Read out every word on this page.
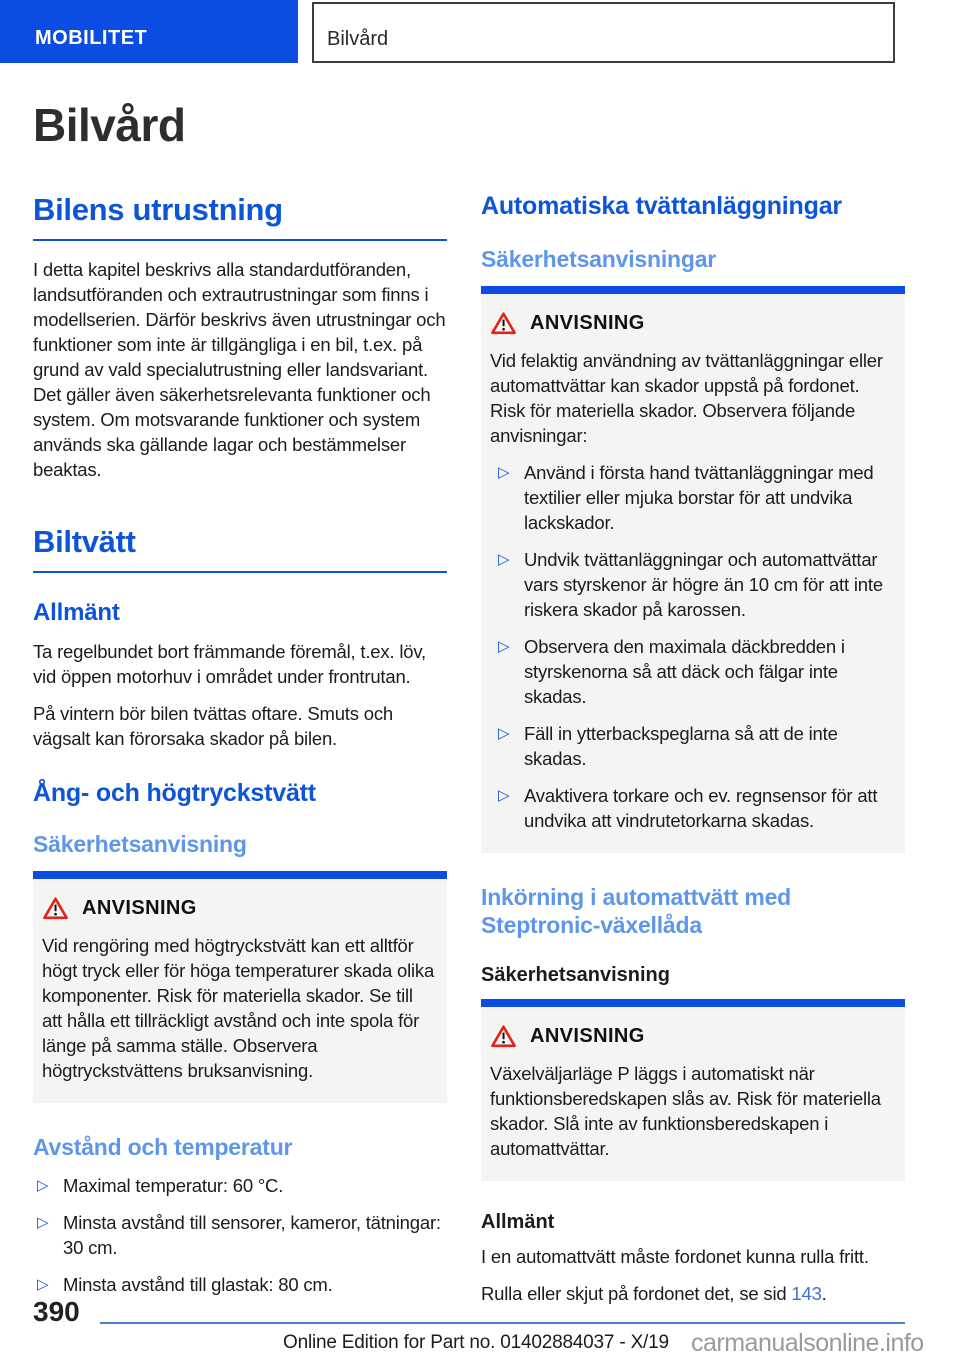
MOBILITET	Bilvård
Bilvård
Bilens utrustning

I detta kapitel beskrivs alla standardutföranden, landsutföranden och extrautrustningar som finns i modellserien. Därför beskrivs även utrustningar och funktioner som inte är tillgängliga i en bil, t.ex. på grund av vald specialutrustning eller landsvariant. Det gäller även säkerhetsrelevanta funktioner och system. Om motsvarande funktioner och system används ska gällande lagar och bestämmelser beaktas.

Biltvätt
Allmänt

Ta regelbundet bort främmande föremål, t.ex. löv, vid öppen motorhuv i området under frontrutan.

På vintern bör bilen tvättas oftare. Smuts och vägsalt kan förorsaka skador på bilen.

Ång- och högtryckstvätt
Säkerhetsanvisning
ANVISNING

Vid rengöring med högtryckstvätt kan ett alltför högt tryck eller för höga temperaturer skada olika komponenter. Risk för materiella skador. Se till att hålla ett tillräckligt avstånd och inte spola för länge på samma ställe. Observera högtryckstvättens bruksanvisning.

Avstånd och temperatur
▷ Maximal temperatur: 60 °C.
▷ Minsta avstånd till sensorer, kameror, tätningar: 30 cm.
▷ Minsta avstånd till glastak: 80 cm.
Automatiska tvättanläggningar
Säkerhetsanvisningar
ANVISNING

Vid felaktig användning av tvättanläggningar eller automattvättar kan skador uppstå på fordonet. Risk för materiella skador. Observera följande anvisningar:

▷ Använd i första hand tvättanläggningar med textilier eller mjuka borstar för att undvika lackskador.
▷ Undvik tvättanläggningar och automattvättar vars styrskenor är högre än 10 cm för att inte riskera skador på karossen.
▷ Observera den maximala däckbredden i styrskenorna så att däck och fälgar inte skadas.
▷ Fäll in ytterbackspeglarna så att de inte skadas.
▷ Avaktivera torkare och ev. regnsensor för att undvika att vindrutetorkarna skadas.
Inkörning i automattvätt med Steptronic-växellåda
Säkerhetsanvisning
ANVISNING

Växelväljarläge P läggs i automatiskt när funktionsberedskapen slås av. Risk för materiella skador. Slå inte av funktionsberedskapen i automattvättar.

Allmänt

I en automattvätt måste fordonet kunna rulla fritt.

Rulla eller skjut på fordonet det, se sid 143.

390
Online Edition for Part no. 01402884037 - X/19 carmanualsonline.info
